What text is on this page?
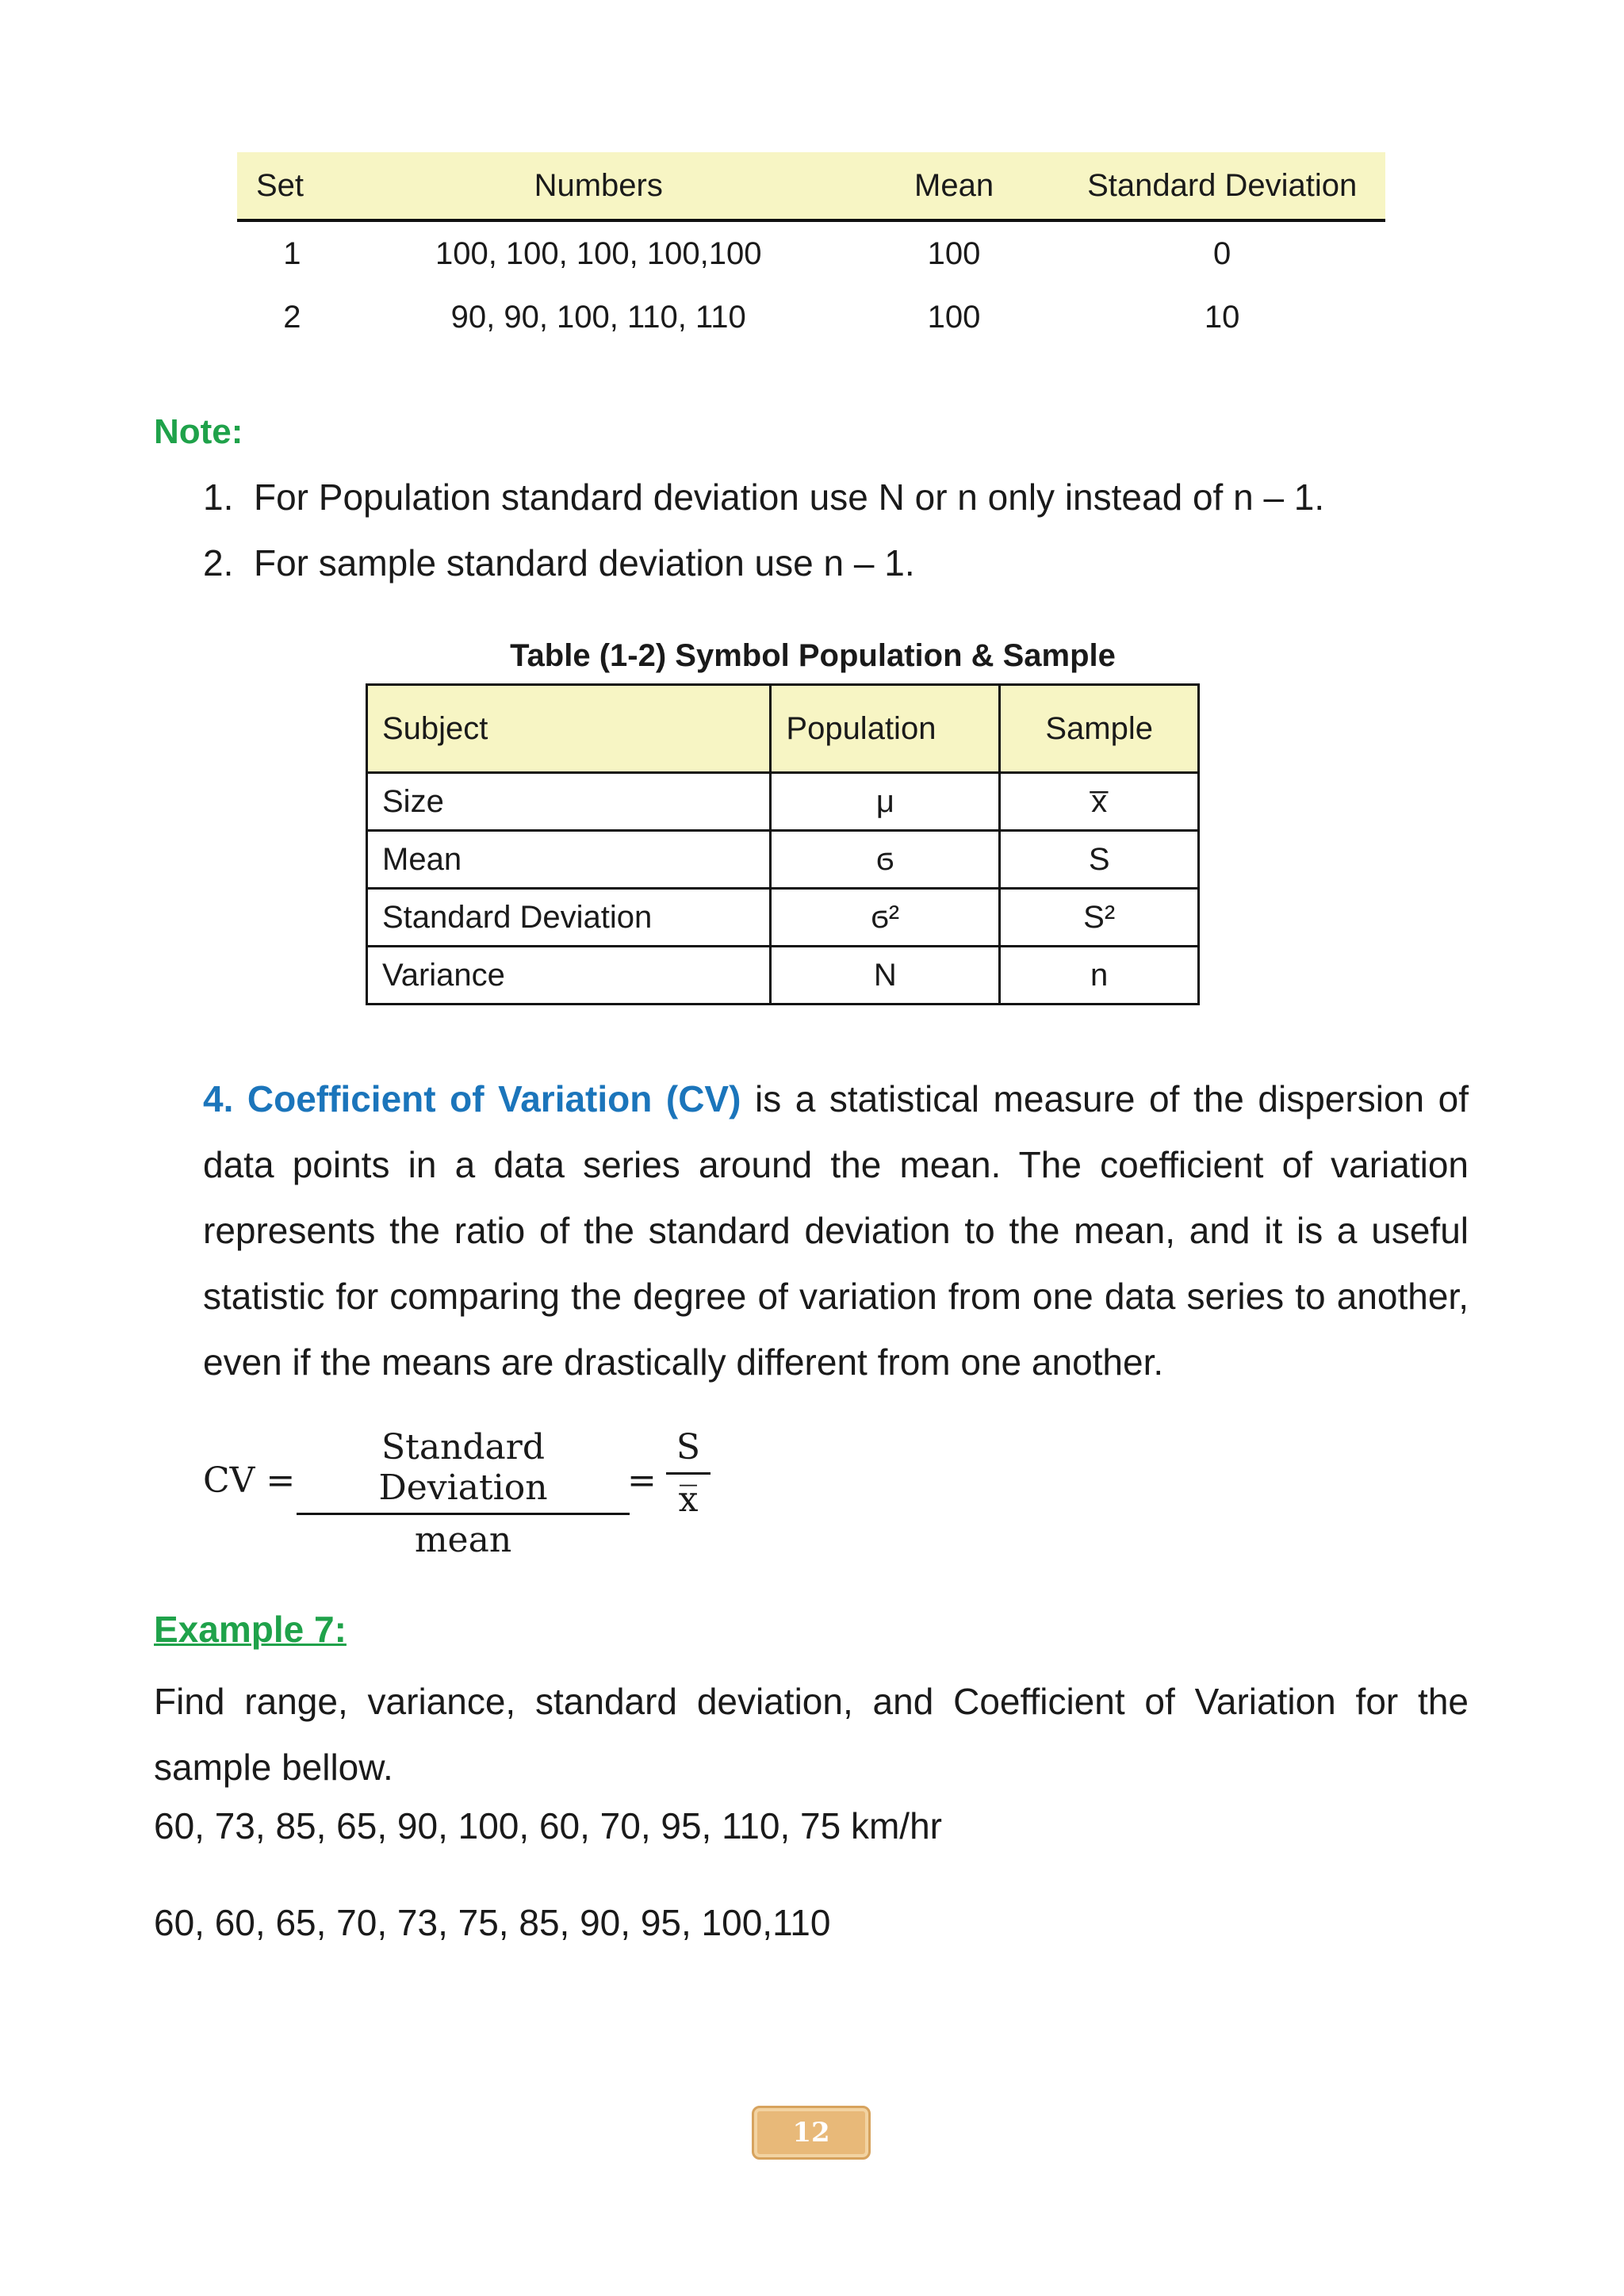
Set	Numbers	Mean	Standard Deviation
1	100, 100, 100, 100,100	100	0
2	90, 90, 100, 110, 110	100	10
Note:
1. For Population standard deviation use N or n only instead of n – 1.
2. For sample standard deviation use n – 1.
Table (1-2) Symbol Population & Sample
Subject	Population	Sample
Size	μ	x̅
Mean	ϭ	S
Standard Deviation	ϭ²	S²
Variance	N	n
4. Coefficient of Variation (CV) is a statistical measure of the dispersion of data points in a data series around the mean. The coefficient of variation represents the ratio of the standard deviation to the mean, and it is a useful statistic for comparing the degree of variation from one data series to another, even if the means are drastically different from one another.
CV =
Standard Deviation
mean
=
S
x̅
Example 7:
Find range, variance, standard deviation, and Coefficient of Variation for the sample bellow.
60, 73, 85, 65, 90, 100, 60, 70, 95, 110, 75 km/hr
60, 60, 65, 70, 73, 75, 85, 90, 95, 100,110
12
